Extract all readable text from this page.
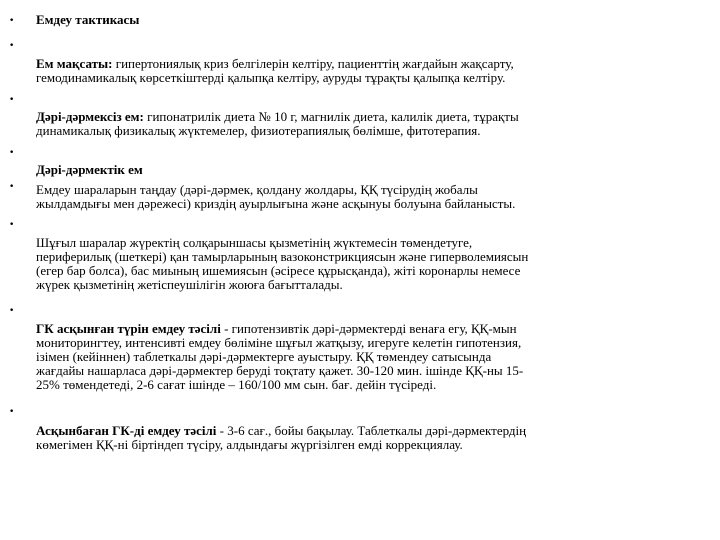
•
•
•
•
•
•
•
•
Емдеу тактикасы
Ем мақсаты: гипертониялық криз белгілерін келтіру, пациенттің жағдайын жақсарту,
гемодинамикалық көрсеткіштерді қалыпқа келтіру, ауруды тұрақты қалыпқа келтіру.
Дәрі-дәрмексіз ем: гипонатрилік диета № 10 г, магнилік диета, калилік диета, тұрақты
динамикалық физикалық жүктемелер, физиотерапиялық бөлімше, фитотерапия.
Дәрі-дәрмектік ем
Емдеу шараларын таңдау (дәрі-дәрмек, қолдану жолдары, ҚҚ түсірудің жобалы
жылдамдығы мен дәрежесі) криздің ауырлығына және асқынуы болуына байланысты.
Шұғыл шаралар жүректің солқарыншасы қызметінің жүктемесін төмендетуге,
периферилық (шеткері) қан тамырларының вазоконстрикциясын және гиперволемиясын
(егер бар болса), бас миының ишемиясын (әсіресе құрысқанда), жіті коронарлы немесе
жүрек қызметінің жетіспеушілігін жоюға бағытталады.
ГК асқынған түрін емдеу тәсілі - гипотензивтік дәрі-дәрмектерді венаға егу, ҚҚ-мын
мониторингтеу, интенсивті емдеу бөліміне шұғыл жатқызу, игеруге келетін гипотензия,
ізімен (кейіннен) таблеткалы дәрі-дәрмектерге ауыстыру. ҚҚ төмендеу сатысында
жағдайы нашарласа дәрі-дәрмектер беруді тоқтату қажет. 30-120 мин. ішінде ҚҚ-ны 15-
25% төмендетеді, 2-6 сағат ішінде – 160/100 мм сын. бағ. дейін түсіреді.
Асқынбаған ГК-ді емдеу тәсілі - 3-6 сағ., бойы бақылау. Таблеткалы дәрі-дәрмектердің
көмегімен ҚҚ-ні біртіндеп түсіру, алдындағы жүргізілген емді коррекциялау.
